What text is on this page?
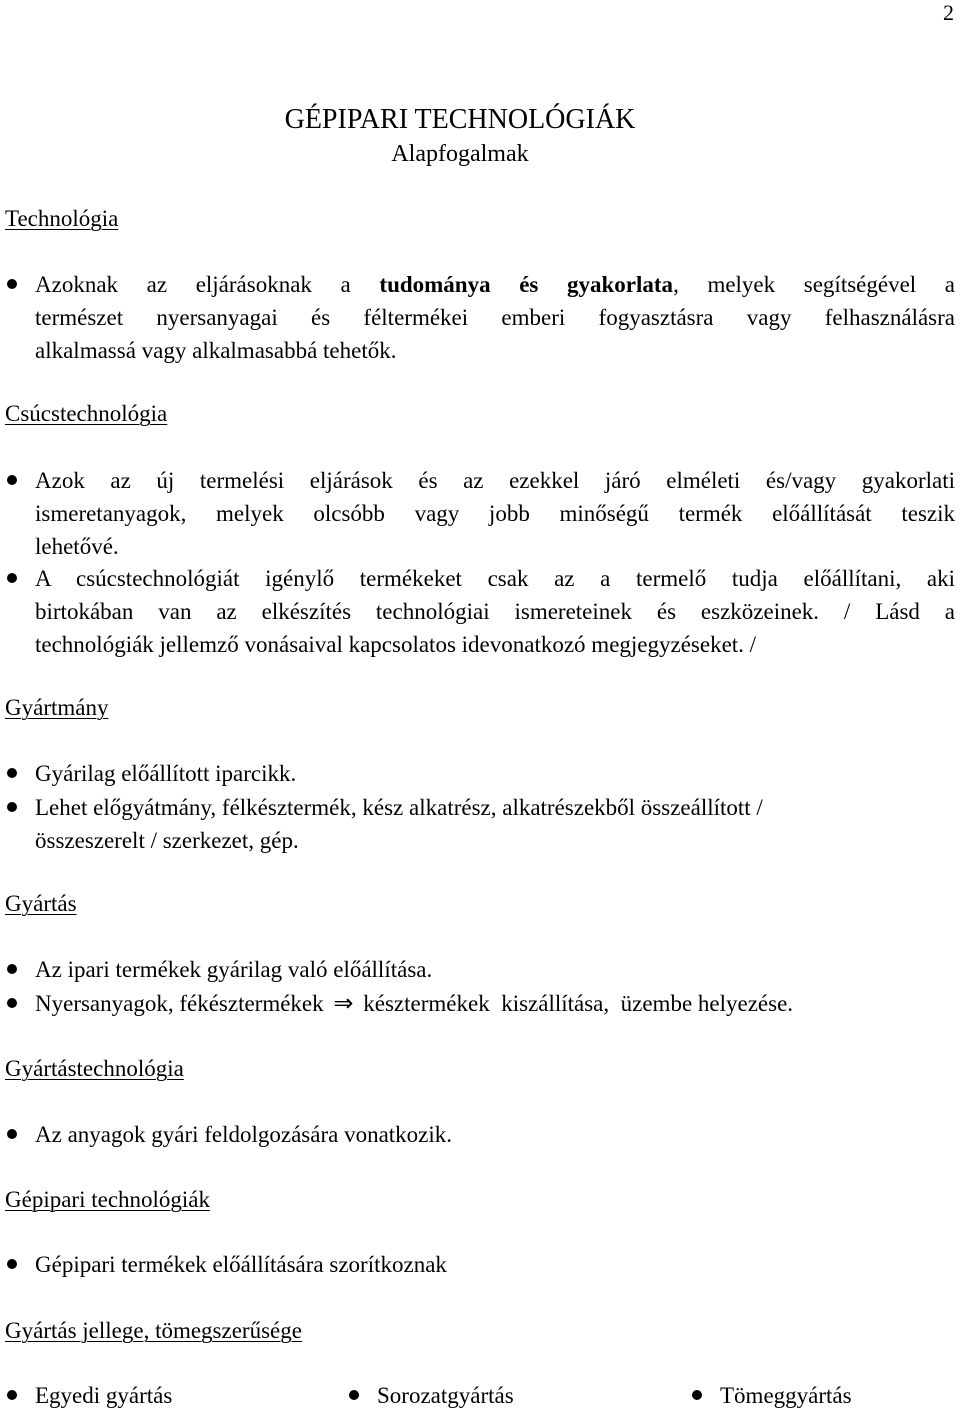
2
GÉPIPARI TECHNOLÓGIÁK
Alapfogalmak
Technológia
Azoknak az eljárásoknak a tudománya és gyakorlata, melyek segítségével a
természet nyersanyagai és féltermékei emberi fogyasztásra vagy felhasználásra
alkalmassá vagy alkalmasabbá tehetők.
Csúcstechnológia
Azok az új termelési eljárások és az ezekkel járó elméleti és/vagy gyakorlati
ismeretanyagok, melyek olcsóbb vagy jobb minőségű termék előállítását teszik
lehetővé.
A csúcstechnológiát igénylő termékeket csak az a termelő tudja előállítani, aki
birtokában van az elkészítés technológiai ismereteinek és eszközeinek. / Lásd a
technológiák jellemző vonásaival kapcsolatos idevonatkozó megjegyzéseket. /
Gyártmány
Gyárilag előállított iparcikk.
Lehet előgyátmány, félkésztermék, kész alkatrész, alkatrészekből összeállított /
összeszerelt / szerkezet, gép.
Gyártás
Az ipari termékek gyárilag való előállítása.
Nyersanyagok, fékésztermékek ⇒ késztermékek  kiszállítása,  üzembe helyezése.
Gyártástechnológia
Az anyagok gyári feldolgozására vonatkozik.
Gépipari technológiák
Gépipari termékek előállítására szorítkoznak
Gyártás jellege, tömegszerűsége
Egyedi gyártás	Sorozatgyártás	Tömeggyártás
